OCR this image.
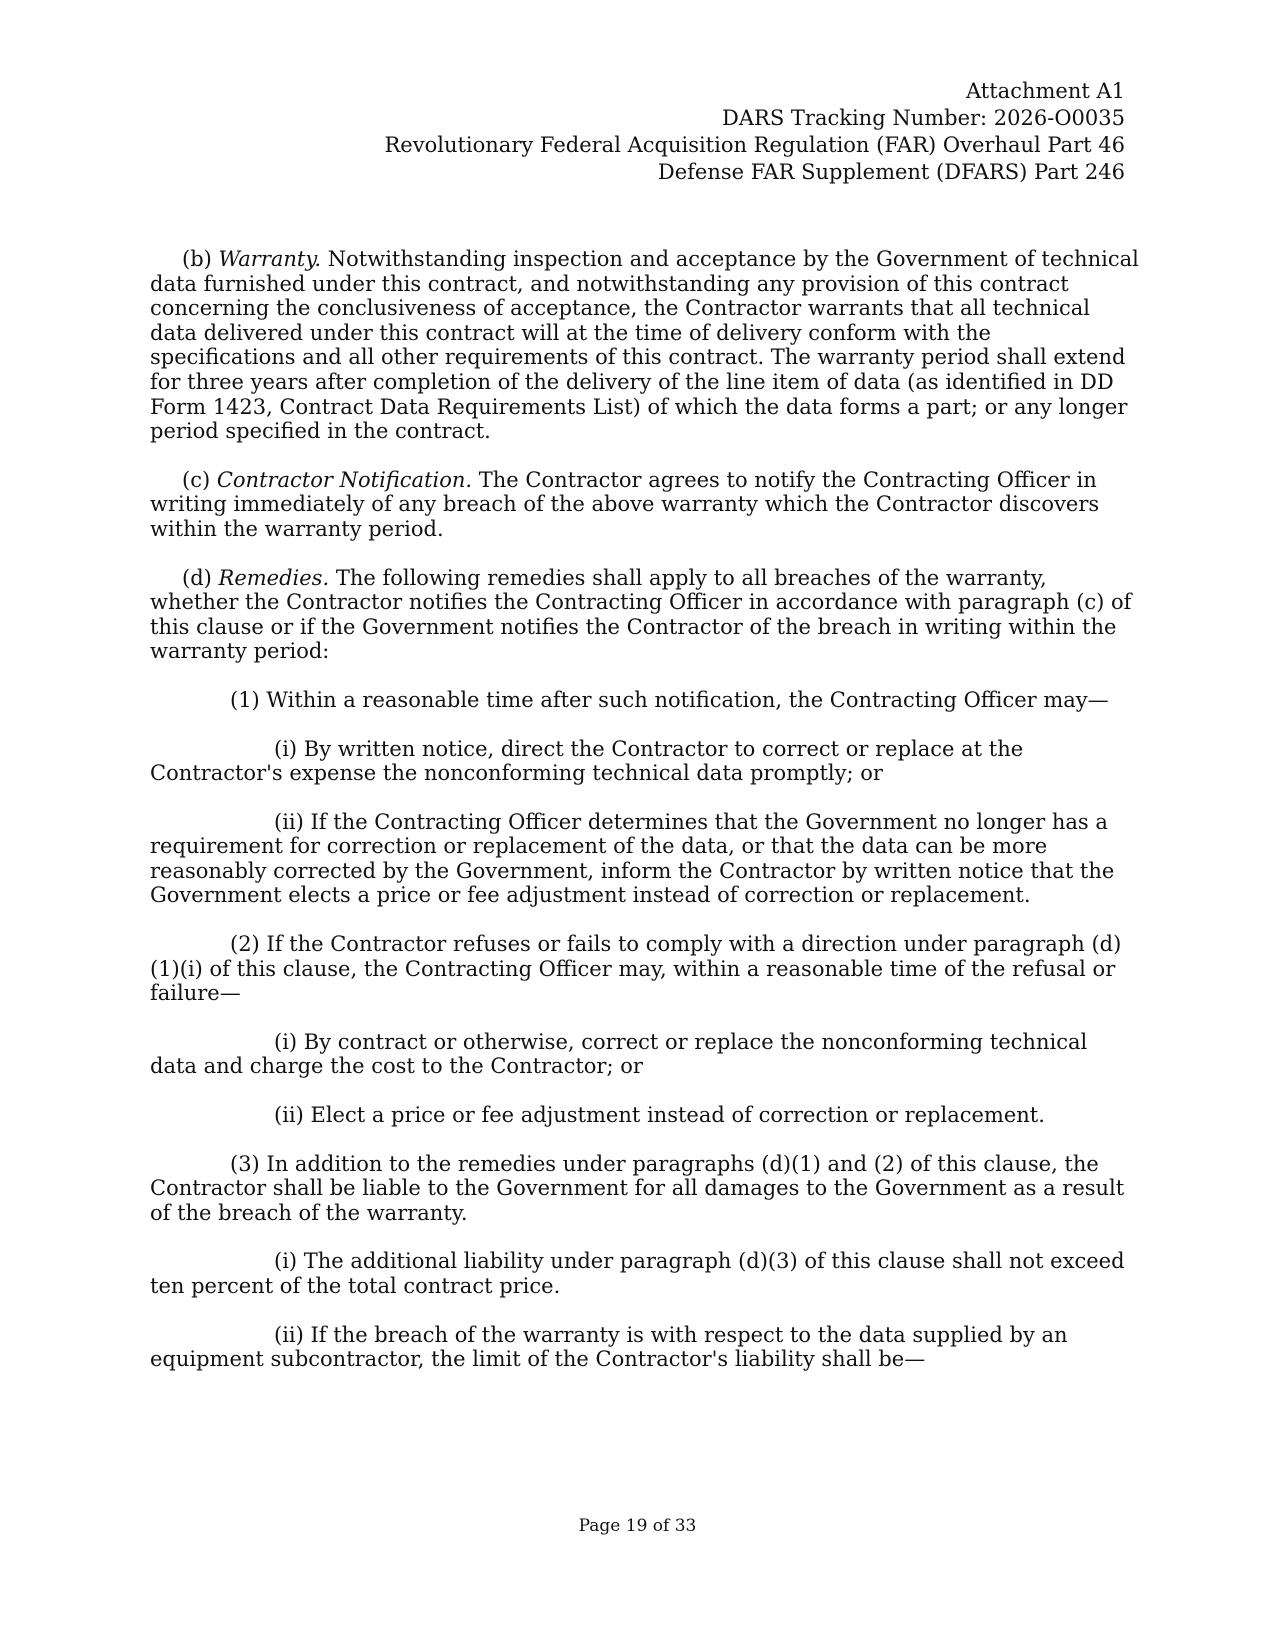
Attachment A1
DARS Tracking Number: 2026-O0035
Revolutionary Federal Acquisition Regulation (FAR) Overhaul Part 46
Defense FAR Supplement (DFARS) Part 246

(b) Warranty. Notwithstanding inspection and acceptance by the Government of technical data furnished under this contract, and notwithstanding any provision of this contract concerning the conclusiveness of acceptance, the Contractor warrants that all technical data delivered under this contract will at the time of delivery conform with the specifications and all other requirements of this contract. The warranty period shall extend for three years after completion of the delivery of the line item of data (as identified in DD Form 1423, Contract Data Requirements List) of which the data forms a part; or any longer period specified in the contract.

(c) Contractor Notification. The Contractor agrees to notify the Contracting Officer in writing immediately of any breach of the above warranty which the Contractor discovers within the warranty period.

(d) Remedies. The following remedies shall apply to all breaches of the warranty, whether the Contractor notifies the Contracting Officer in accordance with paragraph (c) of this clause or if the Government notifies the Contractor of the breach in writing within the warranty period:

(1) Within a reasonable time after such notification, the Contracting Officer may—

(i) By written notice, direct the Contractor to correct or replace at the Contractor's expense the nonconforming technical data promptly; or

(ii) If the Contracting Officer determines that the Government no longer has a requirement for correction or replacement of the data, or that the data can be more reasonably corrected by the Government, inform the Contractor by written notice that the Government elects a price or fee adjustment instead of correction or replacement.

(2) If the Contractor refuses or fails to comply with a direction under paragraph (d)(1)(i) of this clause, the Contracting Officer may, within a reasonable time of the refusal or failure—

(i) By contract or otherwise, correct or replace the nonconforming technical data and charge the cost to the Contractor; or

(ii) Elect a price or fee adjustment instead of correction or replacement.

(3) In addition to the remedies under paragraphs (d)(1) and (2) of this clause, the Contractor shall be liable to the Government for all damages to the Government as a result of the breach of the warranty.

(i) The additional liability under paragraph (d)(3) of this clause shall not exceed ten percent of the total contract price.

(ii) If the breach of the warranty is with respect to the data supplied by an equipment subcontractor, the limit of the Contractor's liability shall be—

Page 19 of 33
